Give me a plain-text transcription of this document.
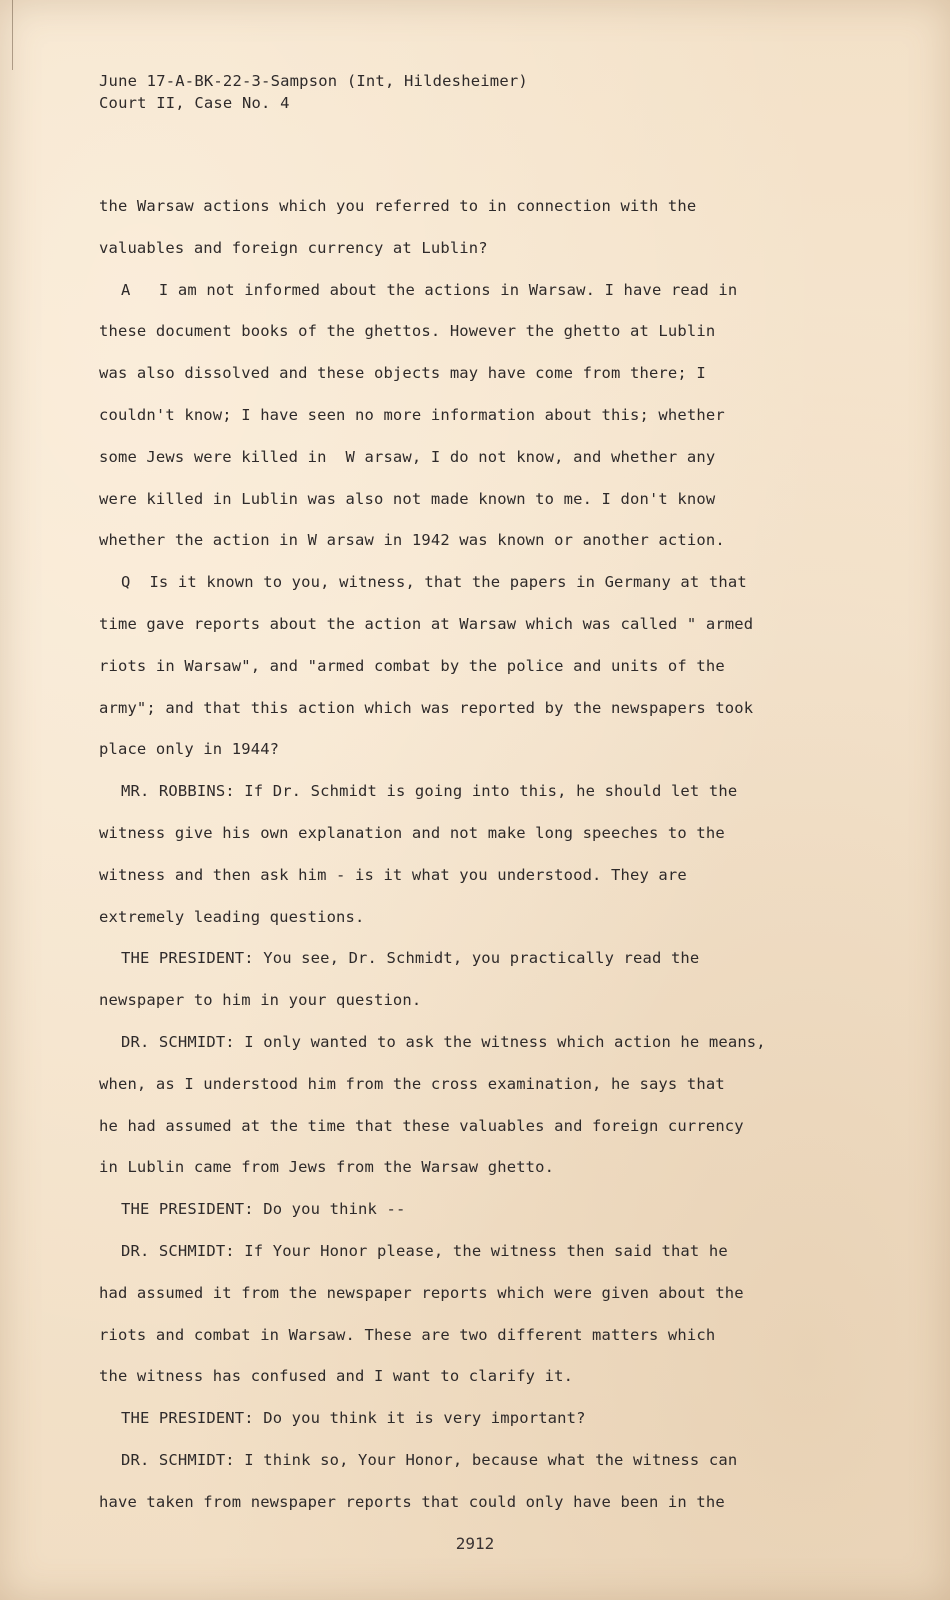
June 17-A-BK-22-3-Sampson (Int, Hildesheimer)
Court II, Case No. 4
the Warsaw actions which you referred to in connection with the
valuables and foreign currency at Lublin?
A   I am not informed about the actions in Warsaw. I have read in
these document books of the ghettos. However the ghetto at Lublin
was also dissolved and these objects may have come from there; I
couldn't know; I have seen no more information about this; whether
some Jews were killed in  W arsaw, I do not know, and whether any
were killed in Lublin was also not made known to me. I don't know
whether the action in W arsaw in 1942 was known or another action.
Q  Is it known to you, witness, that the papers in Germany at that
time gave reports about the action at Warsaw which was called " armed
riots in Warsaw", and "armed combat by the police and units of the
army"; and that this action which was reported by the newspapers took
place only in 1944?
MR. ROBBINS: If Dr. Schmidt is going into this, he should let the
witness give his own explanation and not make long speeches to the
witness and then ask him - is it what you understood. They are
extremely leading questions.
THE PRESIDENT: You see, Dr. Schmidt, you practically read the
newspaper to him in your question.
DR. SCHMIDT: I only wanted to ask the witness which action he means,
when, as I understood him from the cross examination, he says that
he had assumed at the time that these valuables and foreign currency
in Lublin came from Jews from the Warsaw ghetto.
THE PRESIDENT: Do you think --
DR. SCHMIDT: If Your Honor please, the witness then said that he
had assumed it from the newspaper reports which were given about the
riots and combat in Warsaw. These are two different matters which
the witness has confused and I want to clarify it.
THE PRESIDENT: Do you think it is very important?
DR. SCHMIDT: I think so, Your Honor, because what the witness can
have taken from newspaper reports that could only have been in the
2912
